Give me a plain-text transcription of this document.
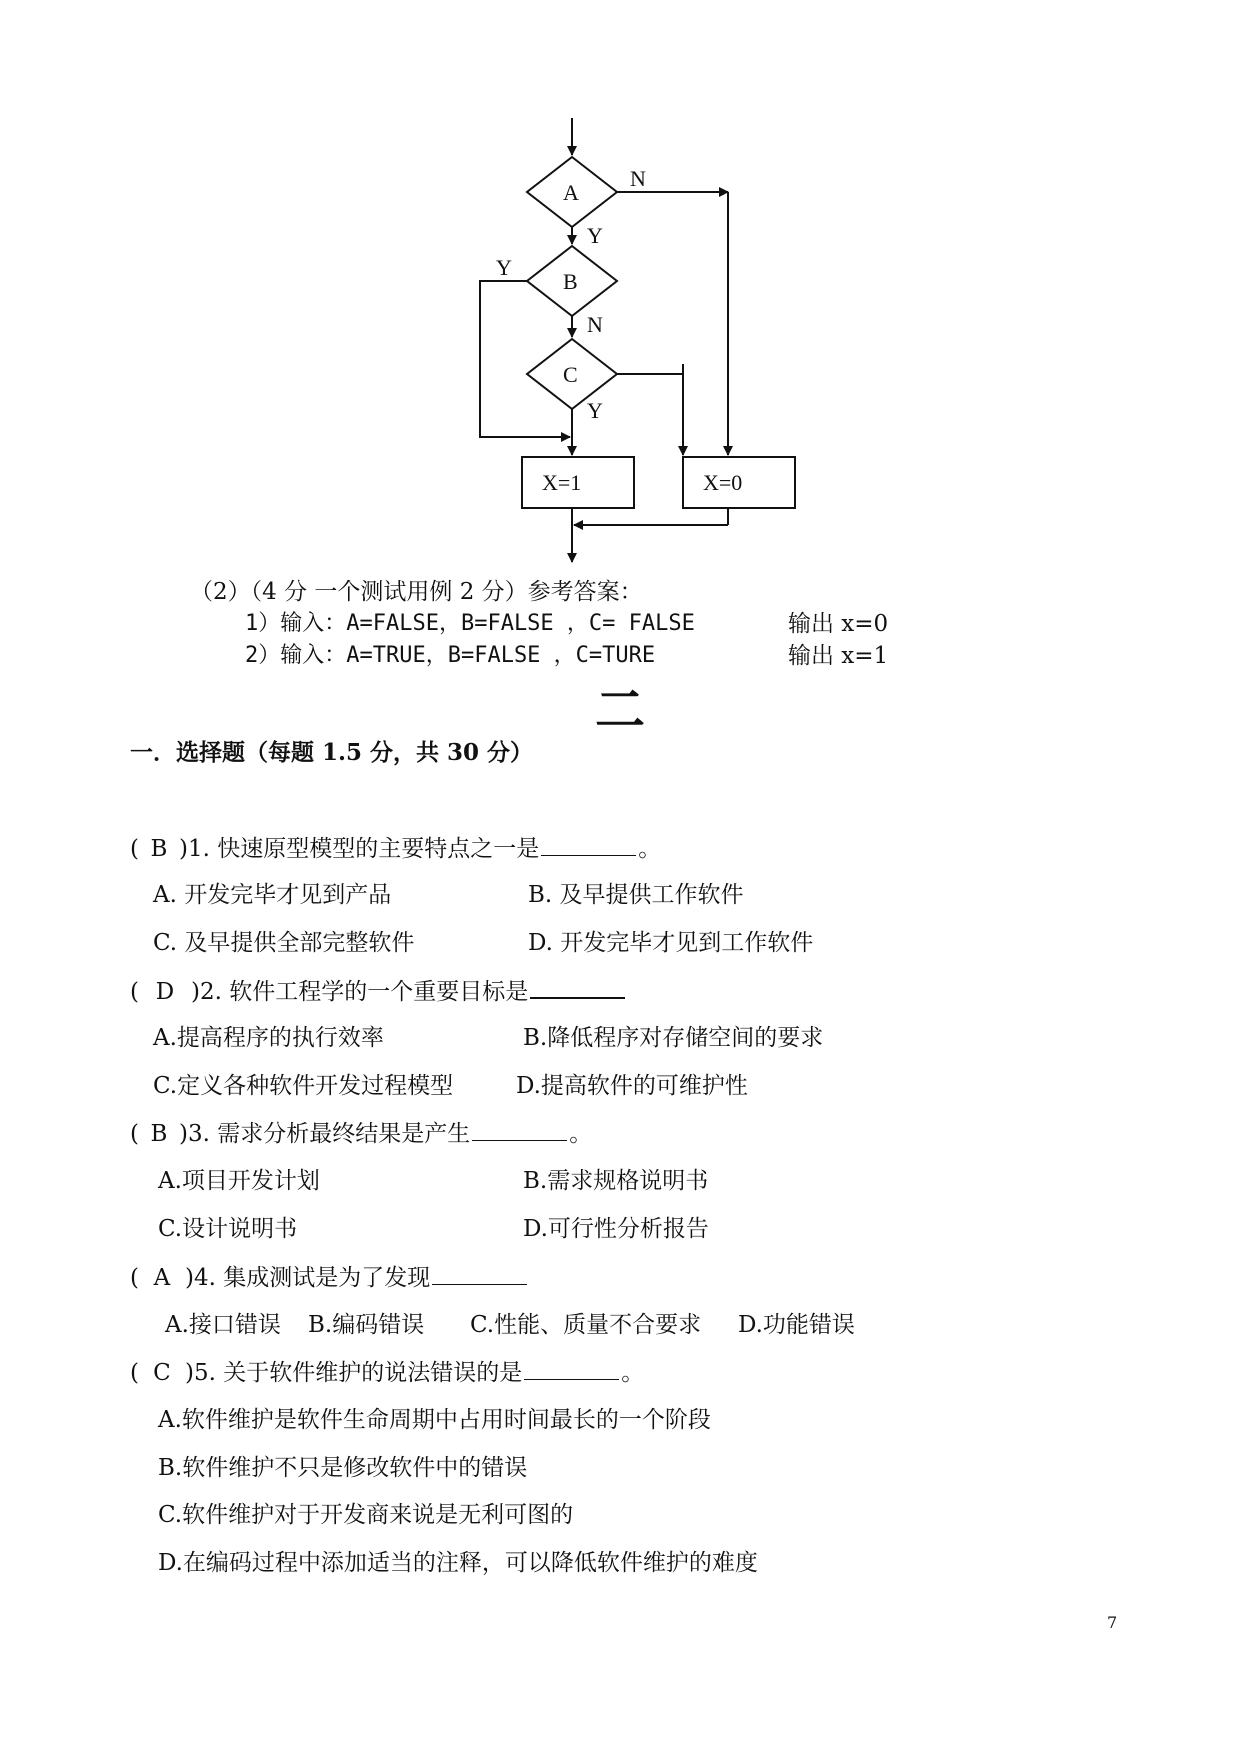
A
B
C
X=1	X=0
N
Y
Y
N
Y
（2）（4 分 一个测试用例 2 分）参考答案：
1）输入：A=FALSE，B=FALSE ，C= FALSE	输出 x=0
2）输入：A=TRUE，B=FALSE ，C=TURE	输出 x=1
二
一．选择题（每题 1.5 分，共 30 分）
( B )1. 快速原型模型的主要特点之一是	。
A. 开发完毕才见到产品	B. 及早提供工作软件
C. 及早提供全部完整软件	D. 开发完毕才见到工作软件
( D )2. 软件工程学的一个重要目标是
A.提高程序的执行效率	B.降低程序对存储空间的要求
C.定义各种软件开发过程模型	D.提高软件的可维护性
( B )3. 需求分析最终结果是产生	。
A.项目开发计划	B.需求规格说明书
C.设计说明书	D.可行性分析报告
( A )4. 集成测试是为了发现
A.接口错误 B.编码错误 C.性能、质量不合要求 D.功能错误
( C )5. 关于软件维护的说法错误的是	。
A.软件维护是软件生命周期中占用时间最长的一个阶段
B.软件维护不只是修改软件中的错误
C.软件维护对于开发商来说是无利可图的
D.在编码过程中添加适当的注释，可以降低软件维护的难度
7
